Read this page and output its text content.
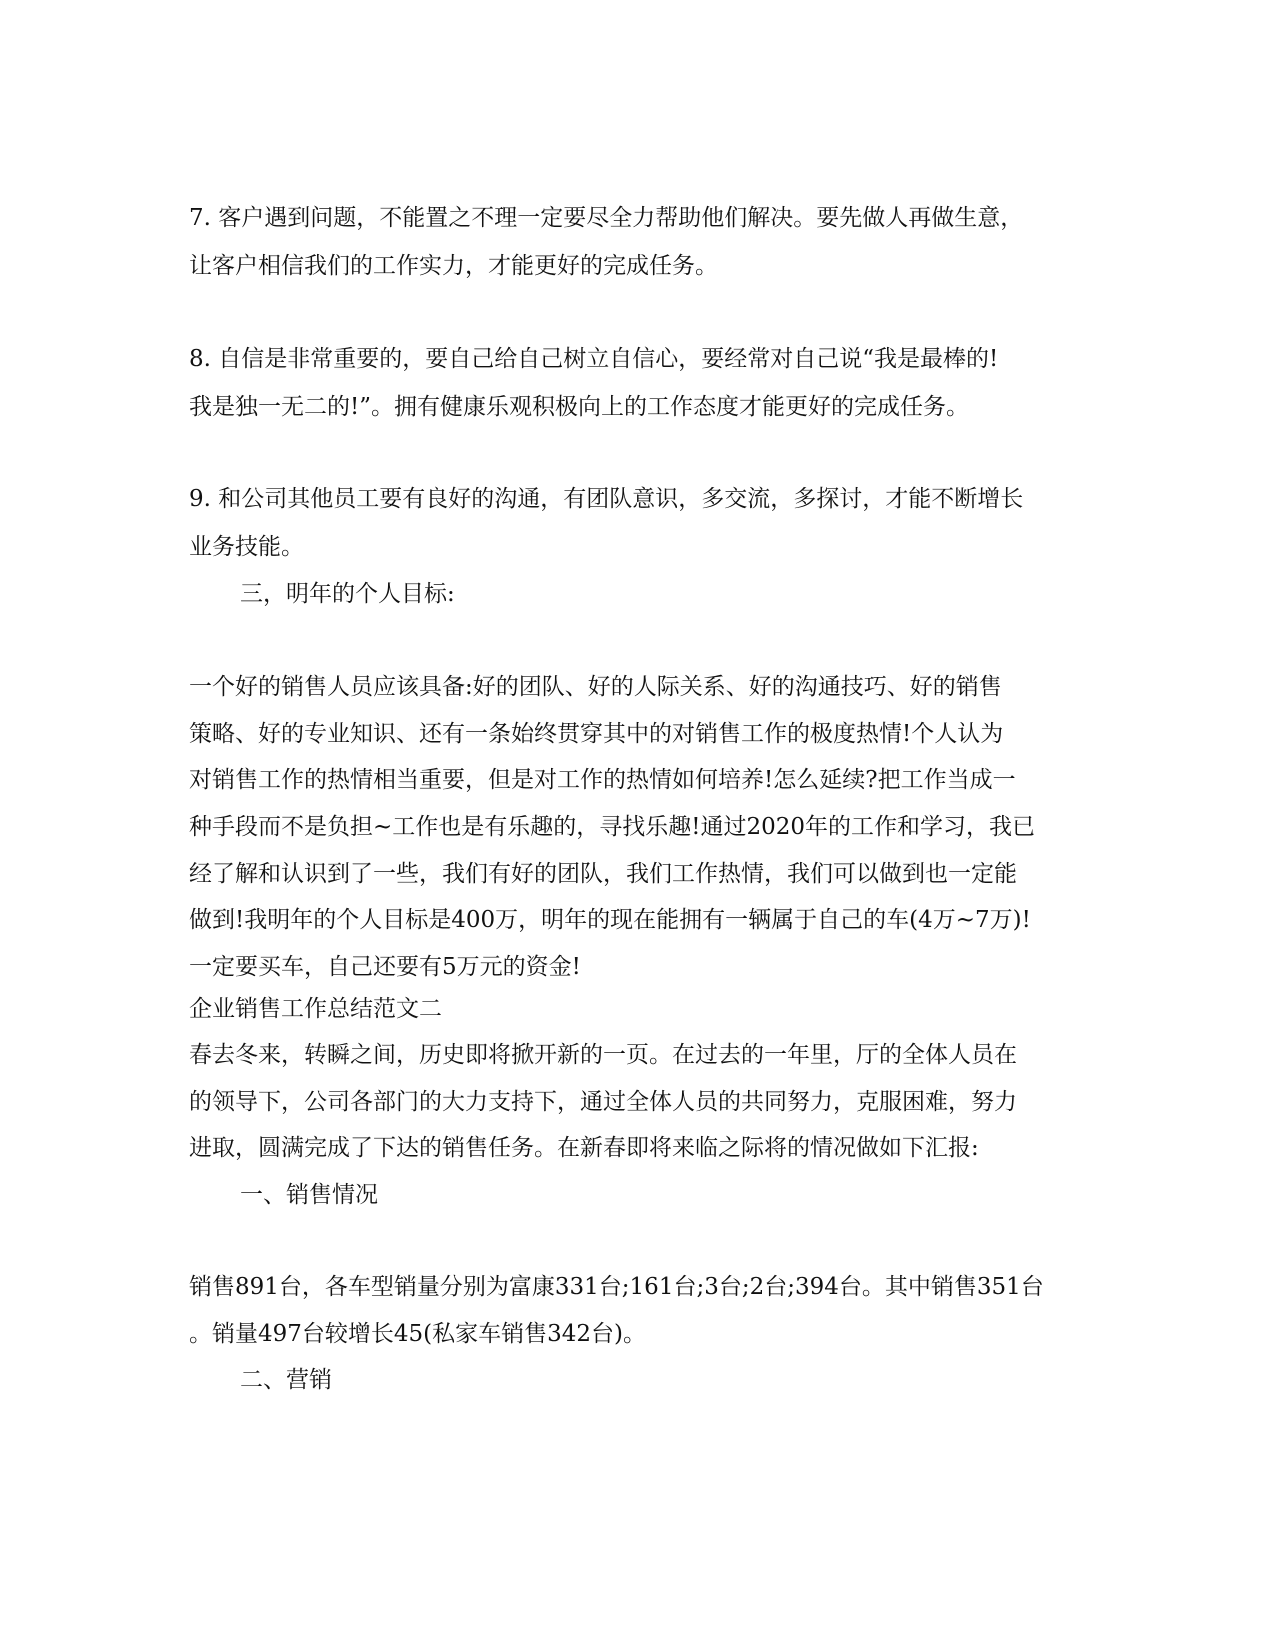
7. 客户遇到问题，不能置之不理一定要尽全力帮助他们解决。要先做人再做生意，
让客户相信我们的工作实力，才能更好的完成任务。
8. 自信是非常重要的，要自己给自己树立自信心，要经常对自己说“我是最棒的!
我是独一无二的!”。拥有健康乐观积极向上的工作态度才能更好的完成任务。
9. 和公司其他员工要有良好的沟通，有团队意识，多交流，多探讨，才能不断增长
业务技能。
三，明年的个人目标:
一个好的销售人员应该具备:好的团队、好的人际关系、好的沟通技巧、好的销售
策略、好的专业知识、还有一条始终贯穿其中的对销售工作的极度热情!个人认为
对销售工作的热情相当重要，但是对工作的热情如何培养!怎么延续?把工作当成一
种手段而不是负担~工作也是有乐趣的，寻找乐趣!通过2020年的工作和学习，我已
经了解和认识到了一些，我们有好的团队，我们工作热情，我们可以做到也一定能
做到!我明年的个人目标是400万，明年的现在能拥有一辆属于自己的车(4万~7万)!
一定要买车，自己还要有5万元的资金!
企业销售工作总结范文二
春去冬来，转瞬之间，历史即将掀开新的一页。在过去的一年里，厅的全体人员在
的领导下，公司各部门的大力支持下，通过全体人员的共同努力，克服困难，努力
进取，圆满完成了下达的销售任务。在新春即将来临之际将的情况做如下汇报:
一、销售情况
销售891台，各车型销量分别为富康331台;161台;3台;2台;394台。其中销售351台
。销量497台较增长45(私家车销售342台)。
二、营销
